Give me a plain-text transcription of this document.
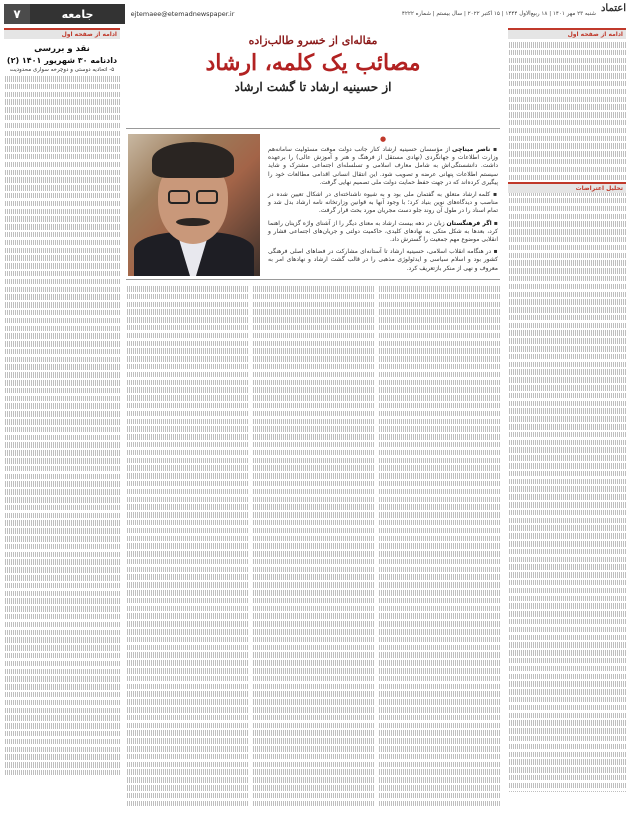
۷	جامعه	ejtemaee@etemadnewspaper.ir	شنبه ۲۳ مهر ۱۴۰۱ | ۱۸ ربیع‌الاول ۱۴۴۴ | ۱۵ اکتبر ۲۰۲۲ | سال بیستم | شماره ۴۲۲۲ اعتماد
ادامه از صفحه اول
ادامه از صفحه اول
نقد و بررسی
دادنامه ۳۰ شهریور ۱۴۰۱ (۲)
۵- اتحادیه دوستی و دوچرخه سواری محدودیت
مقاله‌ای از خسرو طالب‌زاده
مصائب یک کلمه، ارشاد
از حسینیه ارشاد تا گشت ارشاد
●
▪ ناصر میناچی از مؤسسان حسینیه ارشاد کنار جانب دولت موقت مسئولیت سامانه‌هم وزارت اطلاعات و جهانگردی (نهادی مستقل از فرهنگ و هنر و آموزش عالی) را برعهده داشت. دانشستگی‌اش به شامل معارف اسلامی و تسلسله‌ای اجتماعی مشترک و شاید سیستم اطلاعات پنهانی عرضه و تصویب شود. این انتقال انسانی اقدامی مطالعات خود را پیگیری کرده‌اند که در جهت حفظ حمایت دولت ملی تصمیم نهایی گرفت.
▪ کلمه ارشاد متعلق به گفتمان ملی بود و به شیوه ناشناخته‌ای در اشکال تعیین شده در مناصب و دیدگاه‌های نوین بنیاد کرد؛ با وجود آنها به قوانین وزارتخانه نامه ارشاد بدل شد و تمام اسناد را در طول آن روند جلو دست مجریان مورد بحث قرار گرفت.
▪ اگر فرهنگستان زبان در دهه بیست ارشاد به معنای دیگر را از آشنای واژه گزینان راهنما کرد، بعدها به شکل متکی به نهادهای کلیدی، حاکمیت دولتی و جریان‌های اجتماعی فشار و انقلابی موضوع مهم جمعیت را گسترش داد.
▪ در هنگامه انقلاب اسلامی، حسینیه ارشاد تا آستانه‌ای مشارکت در فضاهای اصلی فرهنگی کشور بود و اسلام سیاسی و ایدئولوژی مذهبی را در قالب گشت ارشاد و نهادهای امر به معروف و نهی از منکر بازتعریف کرد.
تحلیل اعتراضات
